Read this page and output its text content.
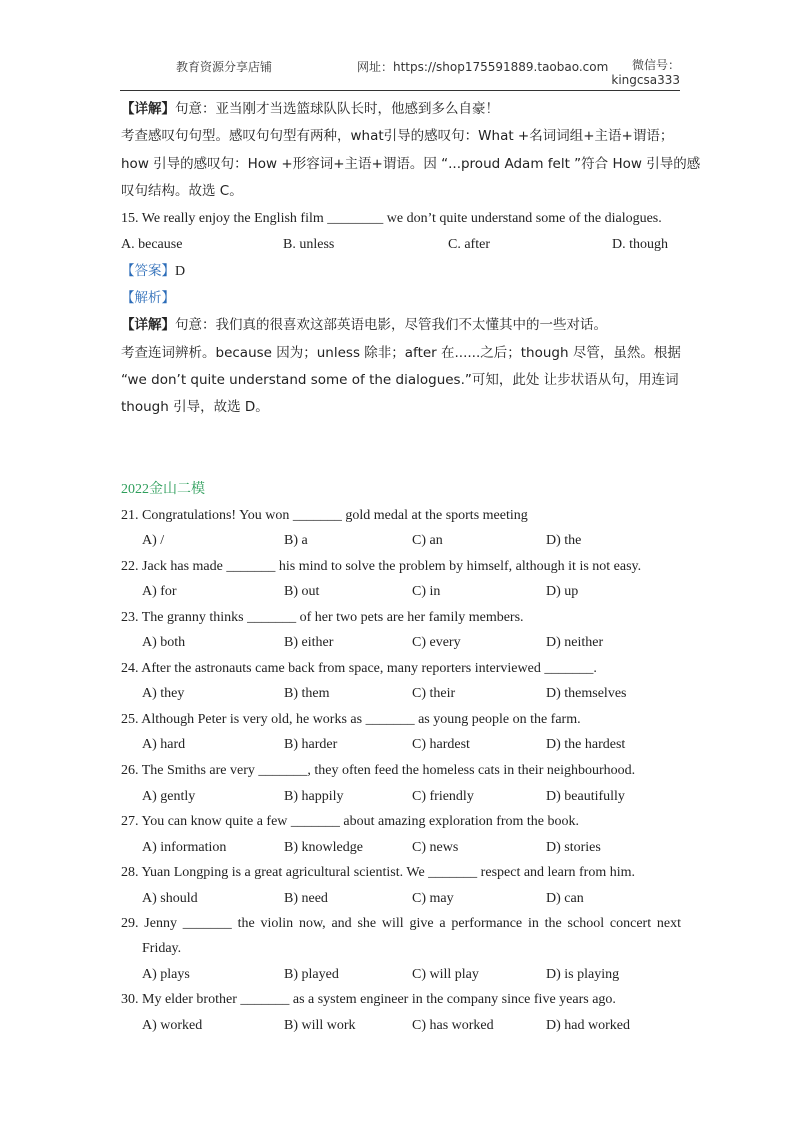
教育资源分享店铺	网址：https://shop175591889.taobao.com	微信号：
kingcsa333
【详解】句意：亚当刚才当选篮球队队长时，他感到多么自豪！
考查感叹句句型。感叹句句型有两种，what引导的感叹句：What +名词词组+主语+谓语；
how 引导的感叹句：How +形容词+主语+谓语。因 “...proud Adam felt ”符合 How 引导的感
叹句结构。故选 C。
15. We really enjoy the English film ________ we don’t quite understand some of the dialogues.
A. because	B. unless	C. after	D. though
【答案】D
【解析】
【详解】句意：我们真的很喜欢这部英语电影，尽管我们不太懂其中的一些对话。
考查连词辨析。because 因为；unless 除非；after 在......之后；though 尽管，虽然。根据
“we don’t quite understand some of the dialogues.”可知，此处 让步状语从句，用连词
though 引导，故选 D。
2022金山二模
21. Congratulations! You won _______ gold medal at the sports meeting
A) /	B) a	C) an	D) the
22. Jack has made _______ his mind to solve the problem by himself, although it is not easy.
A) for	B) out	C) in	D) up
23. The granny thinks _______ of her two pets are her family members.
A) both	B) either	C) every	D) neither
24. After the astronauts came back from space, many reporters interviewed _______.
A) they	B) them	C) their	D) themselves
25. Although Peter is very old, he works as _______ as young people on the farm.
A) hard	B) harder	C) hardest	D) the hardest
26. The Smiths are very _______, they often feed the homeless cats in their neighbourhood.
A) gently	B) happily	C) friendly	D) beautifully
27. You can know quite a few _______ about amazing exploration from the book.
A) information	B) knowledge	C) news	D) stories
28. Yuan Longping is a great agricultural scientist. We _______ respect and learn from him.
A) should	B) need	C) may	D) can
29. Jenny _______ the violin now, and she will give a performance in the school concert next
Friday.
A) plays	B) played	C) will play	D) is playing
30. My elder brother _______ as a system engineer in the company since five years ago.
A) worked	B) will work	C) has worked	D) had worked
